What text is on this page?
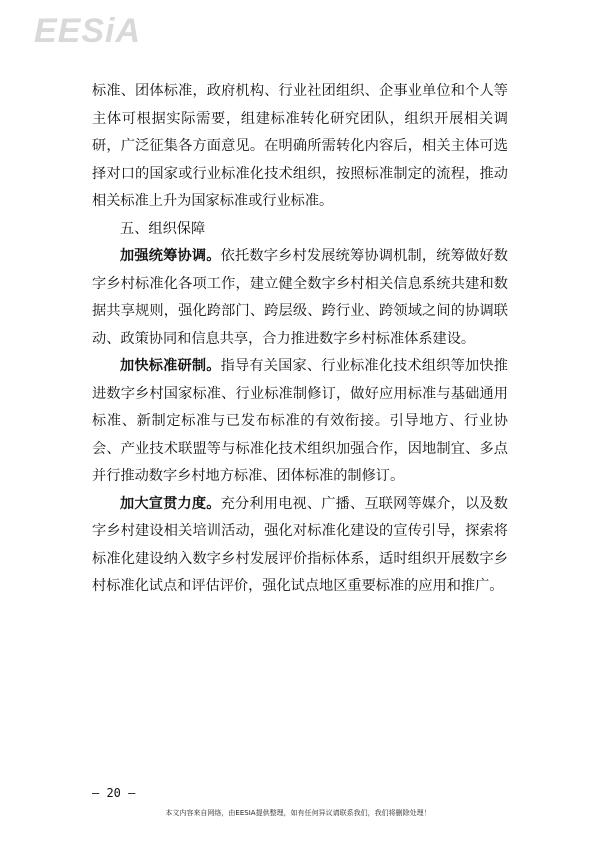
EESiA

标准、团体标准，政府机构、行业社团组织、企事业单位和个人等主体可根据实际需要，组建标准转化研究团队，组织开展相关调研，广泛征集各方面意见。在明确所需转化内容后，相关主体可选择对口的国家或行业标准化技术组织，按照标准制定的流程，推动相关标准上升为国家标准或行业标准。

五、组织保障

加强统筹协调。依托数字乡村发展统筹协调机制，统筹做好数字乡村标准化各项工作，建立健全数字乡村相关信息系统共建和数据共享规则，强化跨部门、跨层级、跨行业、跨领域之间的协调联动、政策协同和信息共享，合力推进数字乡村标准体系建设。

加快标准研制。指导有关国家、行业标准化技术组织等加快推进数字乡村国家标准、行业标准制修订，做好应用标准与基础通用标准、新制定标准与已发布标准的有效衔接。引导地方、行业协会、产业技术联盟等与标准化技术组织加强合作，因地制宜、多点并行推动数字乡村地方标准、团体标准的制修订。

加大宣贯力度。充分利用电视、广播、互联网等媒介，以及数字乡村建设相关培训活动，强化对标准化建设的宣传引导，探索将标准化建设纳入数字乡村发展评价指标体系，适时组织开展数字乡村标准化试点和评估评价，强化试点地区重要标准的应用和推广。

— 20 —
本文内容来自网络，由EESIA提供整理，如有任何异议请联系我们，我们将删除处理！
